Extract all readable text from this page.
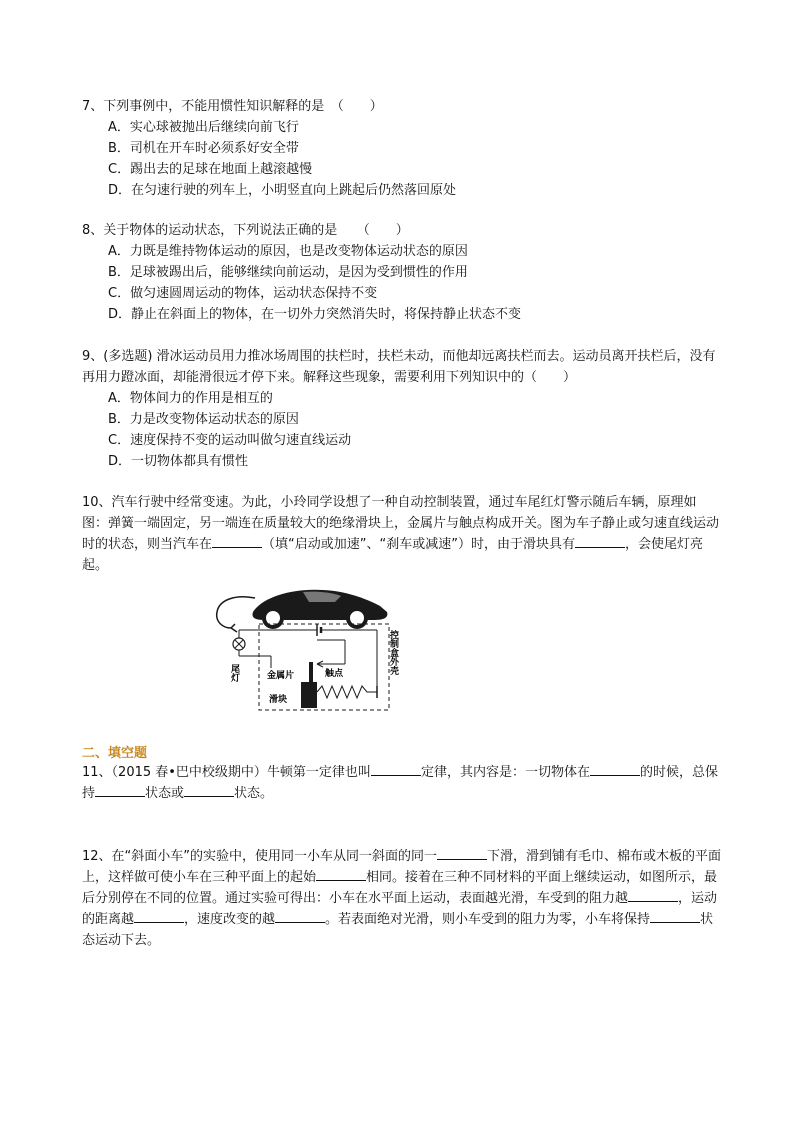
7、下列事例中，不能用惯性知识解释的是　（　　）

A．实心球被抛出后继续向前飞行

B．司机在开车时必须系好安全带

C．踢出去的足球在地面上越滚越慢

D．在匀速行驶的列车上，小明竖直向上跳起后仍然落回原处

8、关于物体的运动状态，下列说法正确的是　　（　　）

A．力既是维持物体运动的原因，也是改变物体运动状态的原因

B．足球被踢出后，能够继续向前运动，是因为受到惯性的作用

C．做匀速圆周运动的物体，运动状态保持不变

D．静止在斜面上的物体，在一切外力突然消失时，将保持静止状态不变

9、(多选题) 滑冰运动员用力推冰场周围的扶栏时，扶栏未动，而他却远离扶栏而去。运动员离开扶栏后，没有再用力蹬冰面，却能滑很远才停下来。解释这些现象，需要利用下列知识中的（　　）

A．物体间力的作用是相互的

B．力是改变物体运动状态的原因

C．速度保持不变的运动叫做匀速直线运动

D．一切物体都具有惯性

10、汽车行驶中经常变速。为此，小玲同学设想了一种自动控制装置，通过车尾红灯警示随后车辆，原理如图：弹簧一端固定，另一端连在质量较大的绝缘滑块上，金属片与触点构成开关。图为车子静止或匀速直线运动时的状态，则当汽车在	（填“启动或加速”、“刹车或减速”）时，由于滑块具有	，会使尾灯亮起。

尾灯	金属片	触点
滑块
控制盒外壳
二、填空题

11、（2015 春•巴中校级期中）牛顿第一定律也叫	定律，其内容是：一切物体在	的时候，总保持	状态或	状态。

12、在“斜面小车”的实验中，使用同一小车从同一斜面的同一	下滑，滑到铺有毛巾、棉布或木板的平面上，这样做可使小车在三种平面上的起始	相同。接着在三种不同材料的平面上继续运动，如图所示，最后分别停在不同的位置。通过实验可得出：小车在水平面上运动，表面越光滑，车受到的阻力越	，运动的距离越	，速度改变的越	。若表面绝对光滑，则小车受到的阻力为零，小车将保持	状态运动下去。
